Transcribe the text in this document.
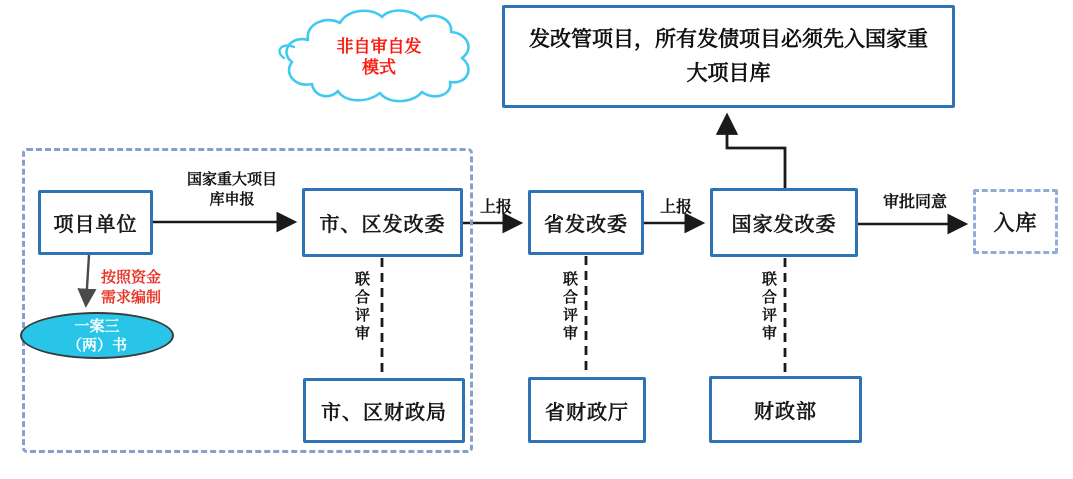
非自审自发
模式
发改管项目，所有发债项目必须先入国家重大项目库
项目单位	市、区发改委	省发改委	国家发改委	入库
市、区财政局	省财政厅	财政部
国家重大项目
库申报	上报	上报	审批同意
按照资金
需求编制	联合评审	联合评审	联合评审
一案三
（两）书
